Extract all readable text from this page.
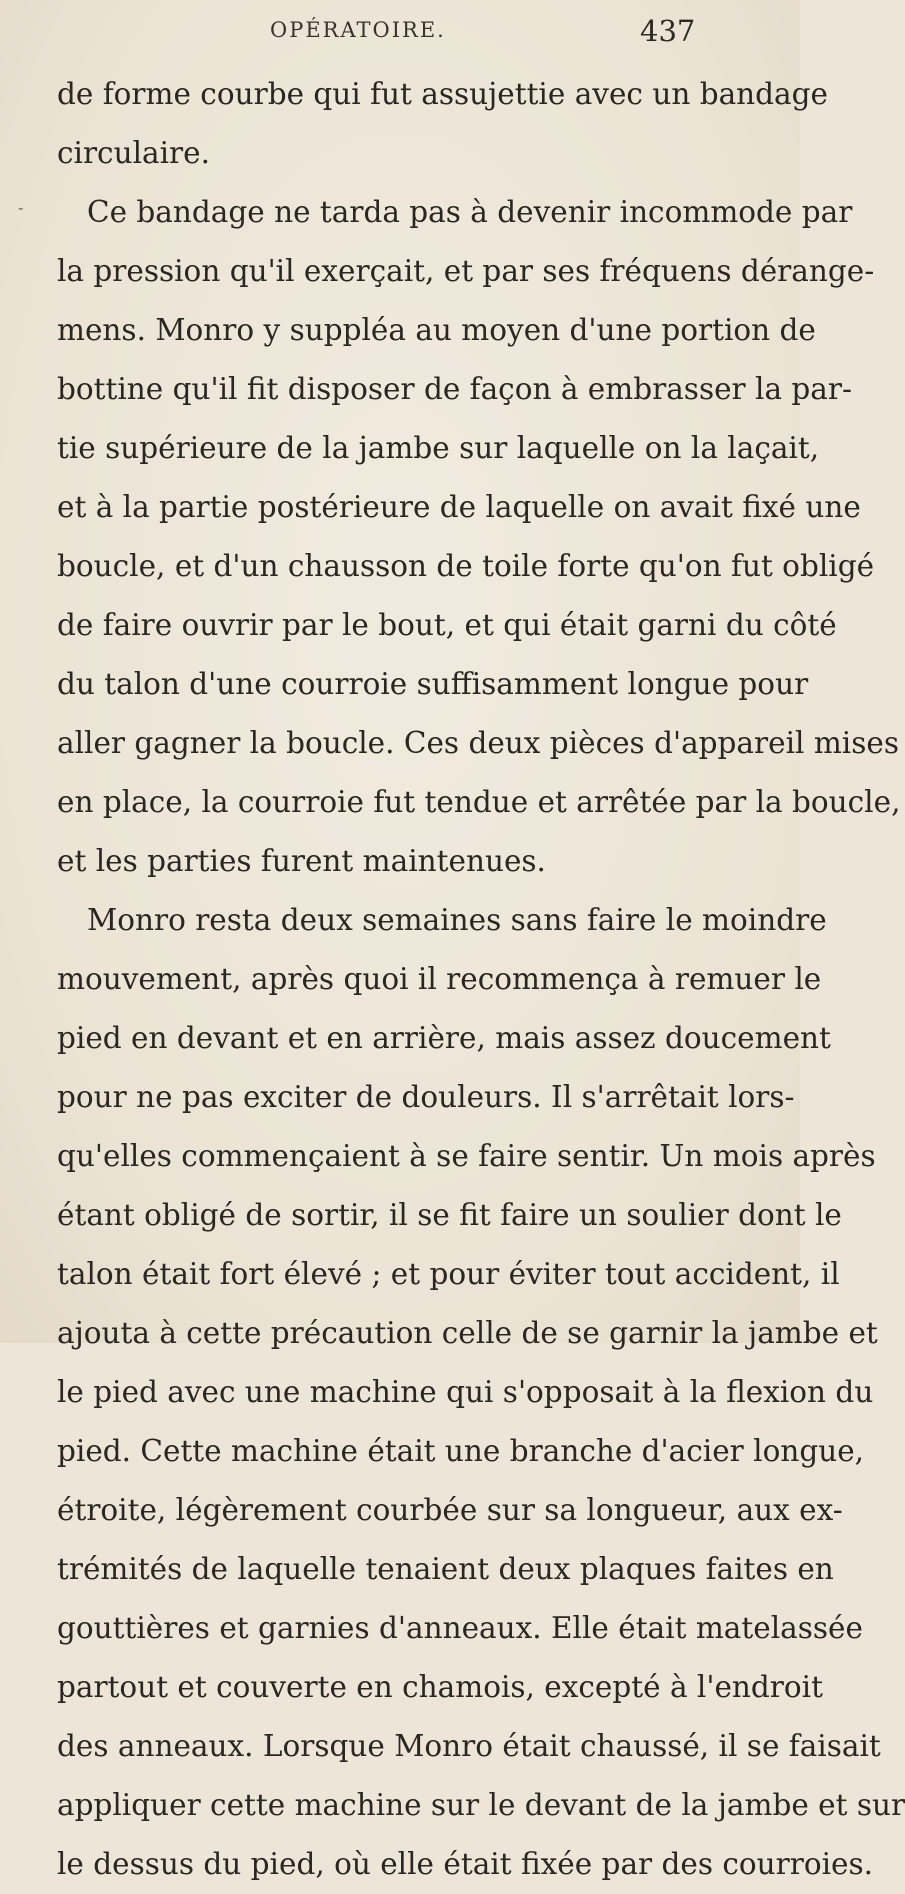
OPÉRATOIRE.	437
-
de forme courbe qui fut assujettie avec un bandage
circulaire.
Ce bandage ne tarda pas à devenir incommode par
la pression qu'il exerçait, et par ses fréquens dérange-
mens. Monro y suppléa au moyen d'une portion de
bottine qu'il fit disposer de façon à embrasser la par-
tie supérieure de la jambe sur laquelle on la laçait,
et à la partie postérieure de laquelle on avait fixé une
boucle, et d'un chausson de toile forte qu'on fut obligé
de faire ouvrir par le bout, et qui était garni du côté
du talon d'une courroie suffisamment longue pour
aller gagner la boucle. Ces deux pièces d'appareil mises
en place, la courroie fut tendue et arrêtée par la boucle,
et les parties furent maintenues.
Monro resta deux semaines sans faire le moindre
mouvement, après quoi il recommença à remuer le
pied en devant et en arrière, mais assez doucement
pour ne pas exciter de douleurs. Il s'arrêtait lors-
qu'elles commençaient à se faire sentir. Un mois après
étant obligé de sortir, il se fit faire un soulier dont le
talon était fort élevé ; et pour éviter tout accident, il
ajouta à cette précaution celle de se garnir la jambe et
le pied avec une machine qui s'opposait à la flexion du
pied. Cette machine était une branche d'acier longue,
étroite, légèrement courbée sur sa longueur, aux ex-
trémités de laquelle tenaient deux plaques faites en
gouttières et garnies d'anneaux. Elle était matelassée
partout et couverte en chamois, excepté à l'endroit
des anneaux. Lorsque Monro était chaussé, il se faisait
appliquer cette machine sur le devant de la jambe et sur
le dessus du pied, où elle était fixée par des courroies.
